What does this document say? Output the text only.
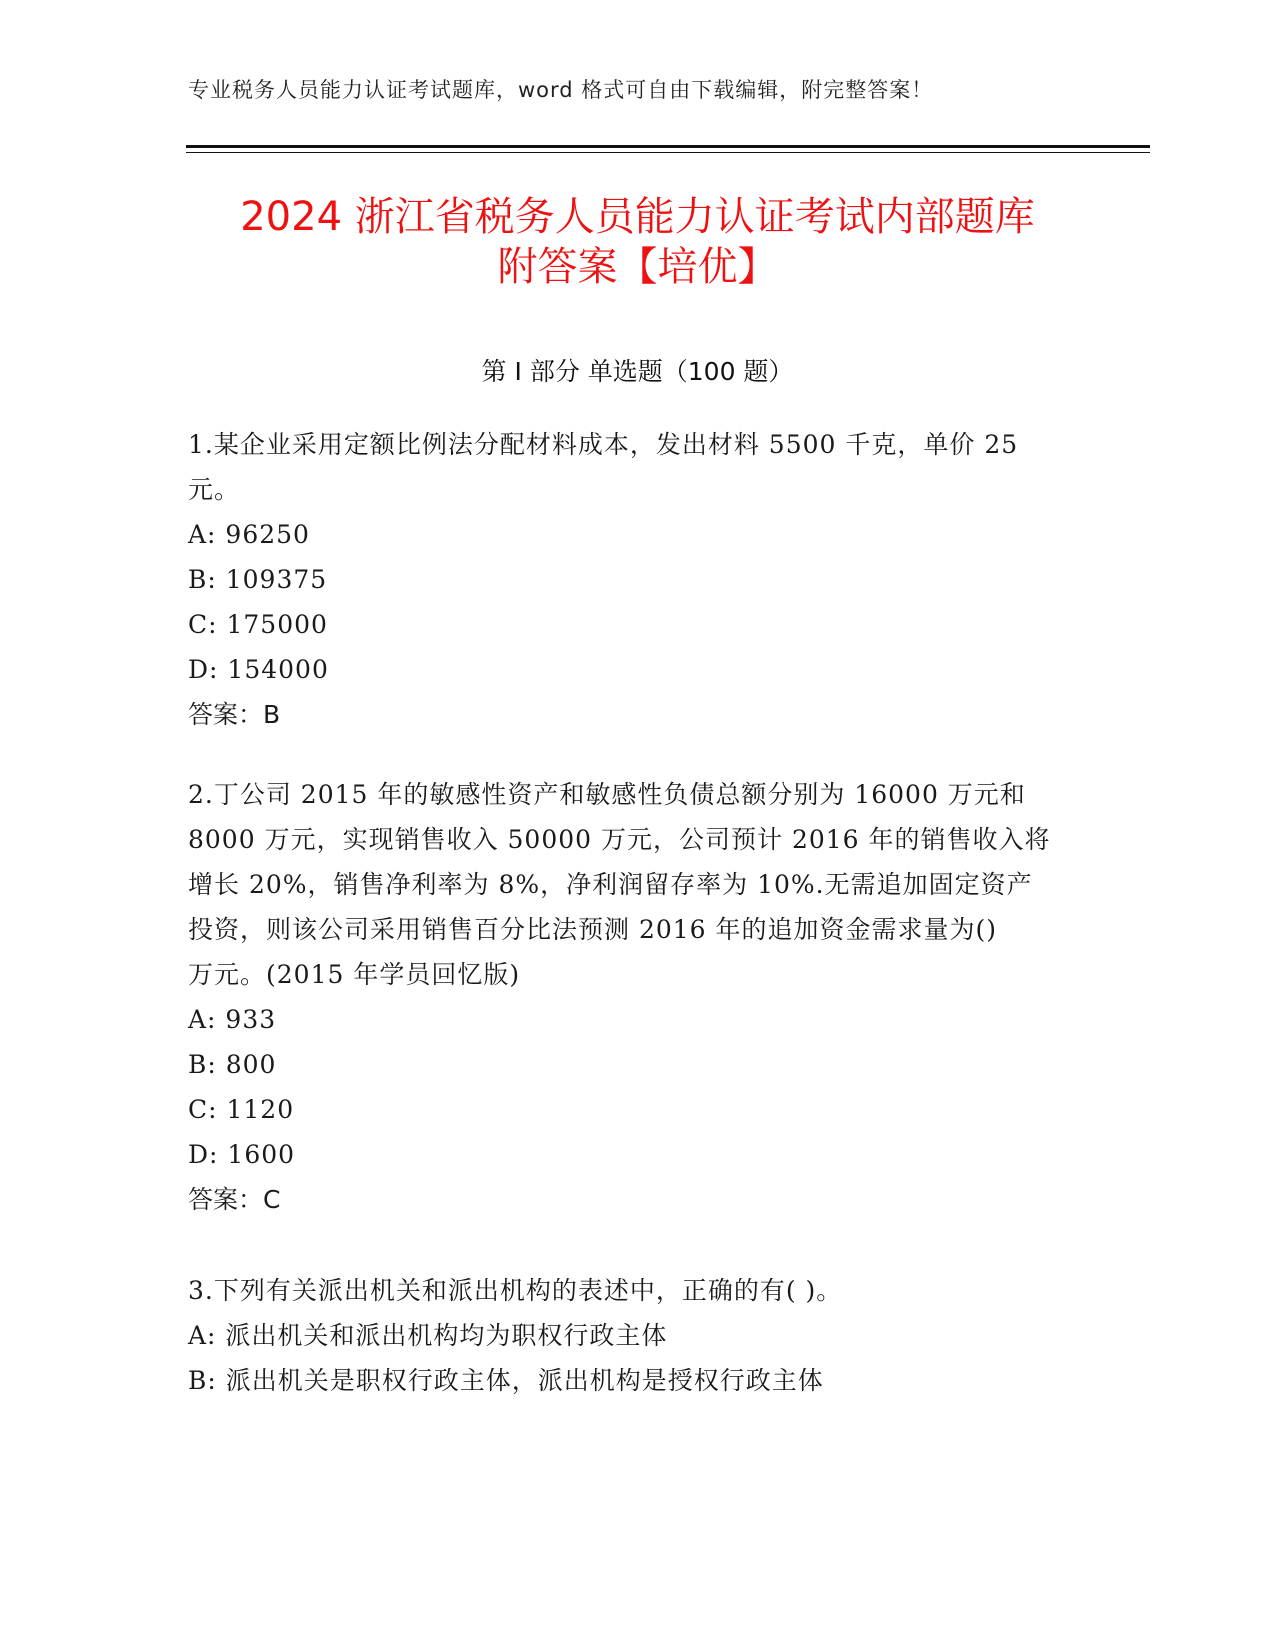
专业税务人员能力认证考试题库，word 格式可自由下载编辑，附完整答案！
2024 浙江省税务人员能力认证考试内部题库
附答案【培优】
第 I 部分 单选题（100 题）

1.某企业采用定额比例法分配材料成本，发出材料 5500 千克，单价 25

元。

A: 96250

B: 109375

C: 175000

D: 154000

答案：B

2.丁公司 2015 年的敏感性资产和敏感性负债总额分别为 16000 万元和

8000 万元，实现销售收入 50000 万元，公司预计 2016 年的销售收入将

增长 20%，销售净利率为 8%，净利润留存率为 10%.无需追加固定资产

投资，则该公司采用销售百分比法预测 2016 年的追加资金需求量为()

万元。(2015 年学员回忆版)

A: 933

B: 800

C: 1120

D: 1600

答案：C

3.下列有关派出机关和派出机构的表述中，正确的有( )。

A: 派出机关和派出机构均为职权行政主体

B: 派出机关是职权行政主体，派出机构是授权行政主体
